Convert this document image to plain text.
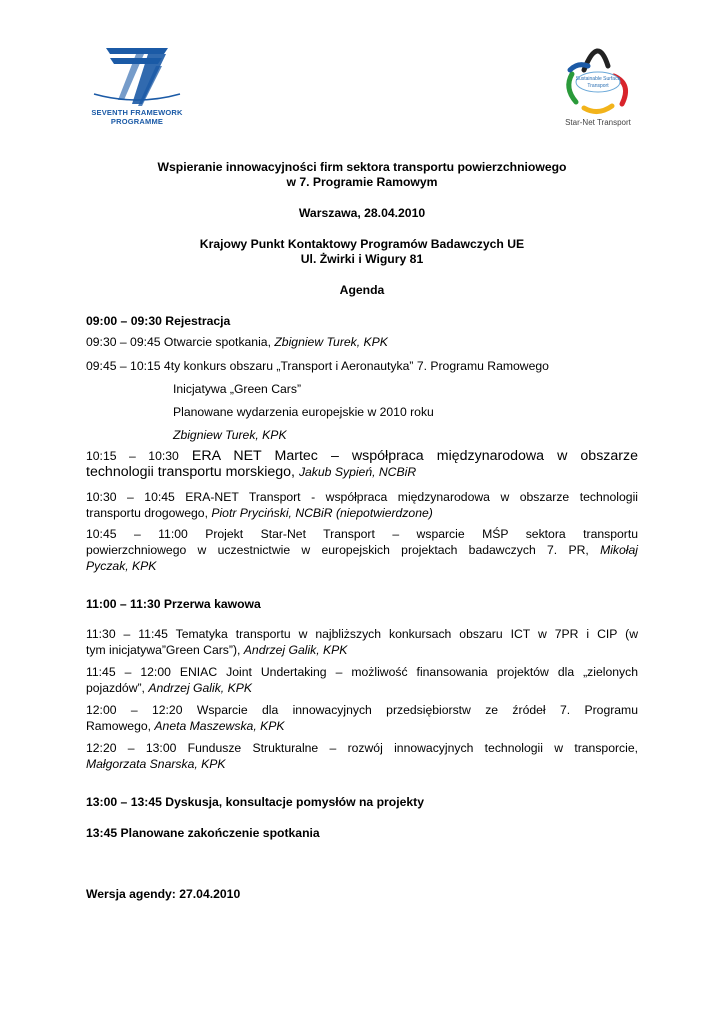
SEVENTH FRAMEWORK
PROGRAMME
Sustainable Surface
Transport
Star-Net Transport
Wspieranie innowacyjności firm sektora transportu powierzchniowego
w 7. Programie Ramowym
Warszawa, 28.04.2010
Krajowy Punkt Kontaktowy Programów Badawczych UE
Ul. Żwirki i Wigury 81
Agenda
09:00 – 09:30 Rejestracja
09:30 – 09:45 Otwarcie spotkania, Zbigniew Turek, KPK
09:45 – 10:15 4ty konkurs obszaru „Transport i Aeronautyka” 7. Programu Ramowego
Inicjatywa „Green Cars”
Planowane wydarzenia europejskie w 2010 roku
Zbigniew Turek, KPK
10:15 – 10:30 ERA NET Martec – współpraca międzynarodowa w obszarze
technologii transportu morskiego, Jakub Sypień, NCBiR
10:30 – 10:45 ERA-NET Transport - współpraca międzynarodowa w obszarze technologii
transportu drogowego, Piotr Pryciński, NCBiR (niepotwierdzone)
10:45 – 11:00 Projekt Star-Net Transport – wsparcie MŚP sektora transportu
powierzchniowego w uczestnictwie w europejskich projektach badawczych 7. PR, Mikołaj
Pyczak, KPK
11:00 – 11:30 Przerwa kawowa
11:30 – 11:45 Tematyka transportu w najbliższych konkursach obszaru ICT w 7PR i CIP (w
tym inicjatywa”Green Cars”), Andrzej Galik, KPK
11:45 – 12:00 ENIAC Joint Undertaking – możliwość finansowania projektów dla „zielonych
pojazdów”, Andrzej Galik, KPK
12:00 – 12:20 Wsparcie dla innowacyjnych przedsiębiorstw ze źródeł 7. Programu
Ramowego, Aneta Maszewska, KPK
12:20 – 13:00 Fundusze Strukturalne – rozwój innowacyjnych technologii w transporcie,
Małgorzata Snarska, KPK
13:00 – 13:45 Dyskusja, konsultacje pomysłów na projekty
13:45 Planowane zakończenie spotkania
Wersja agendy: 27.04.2010
